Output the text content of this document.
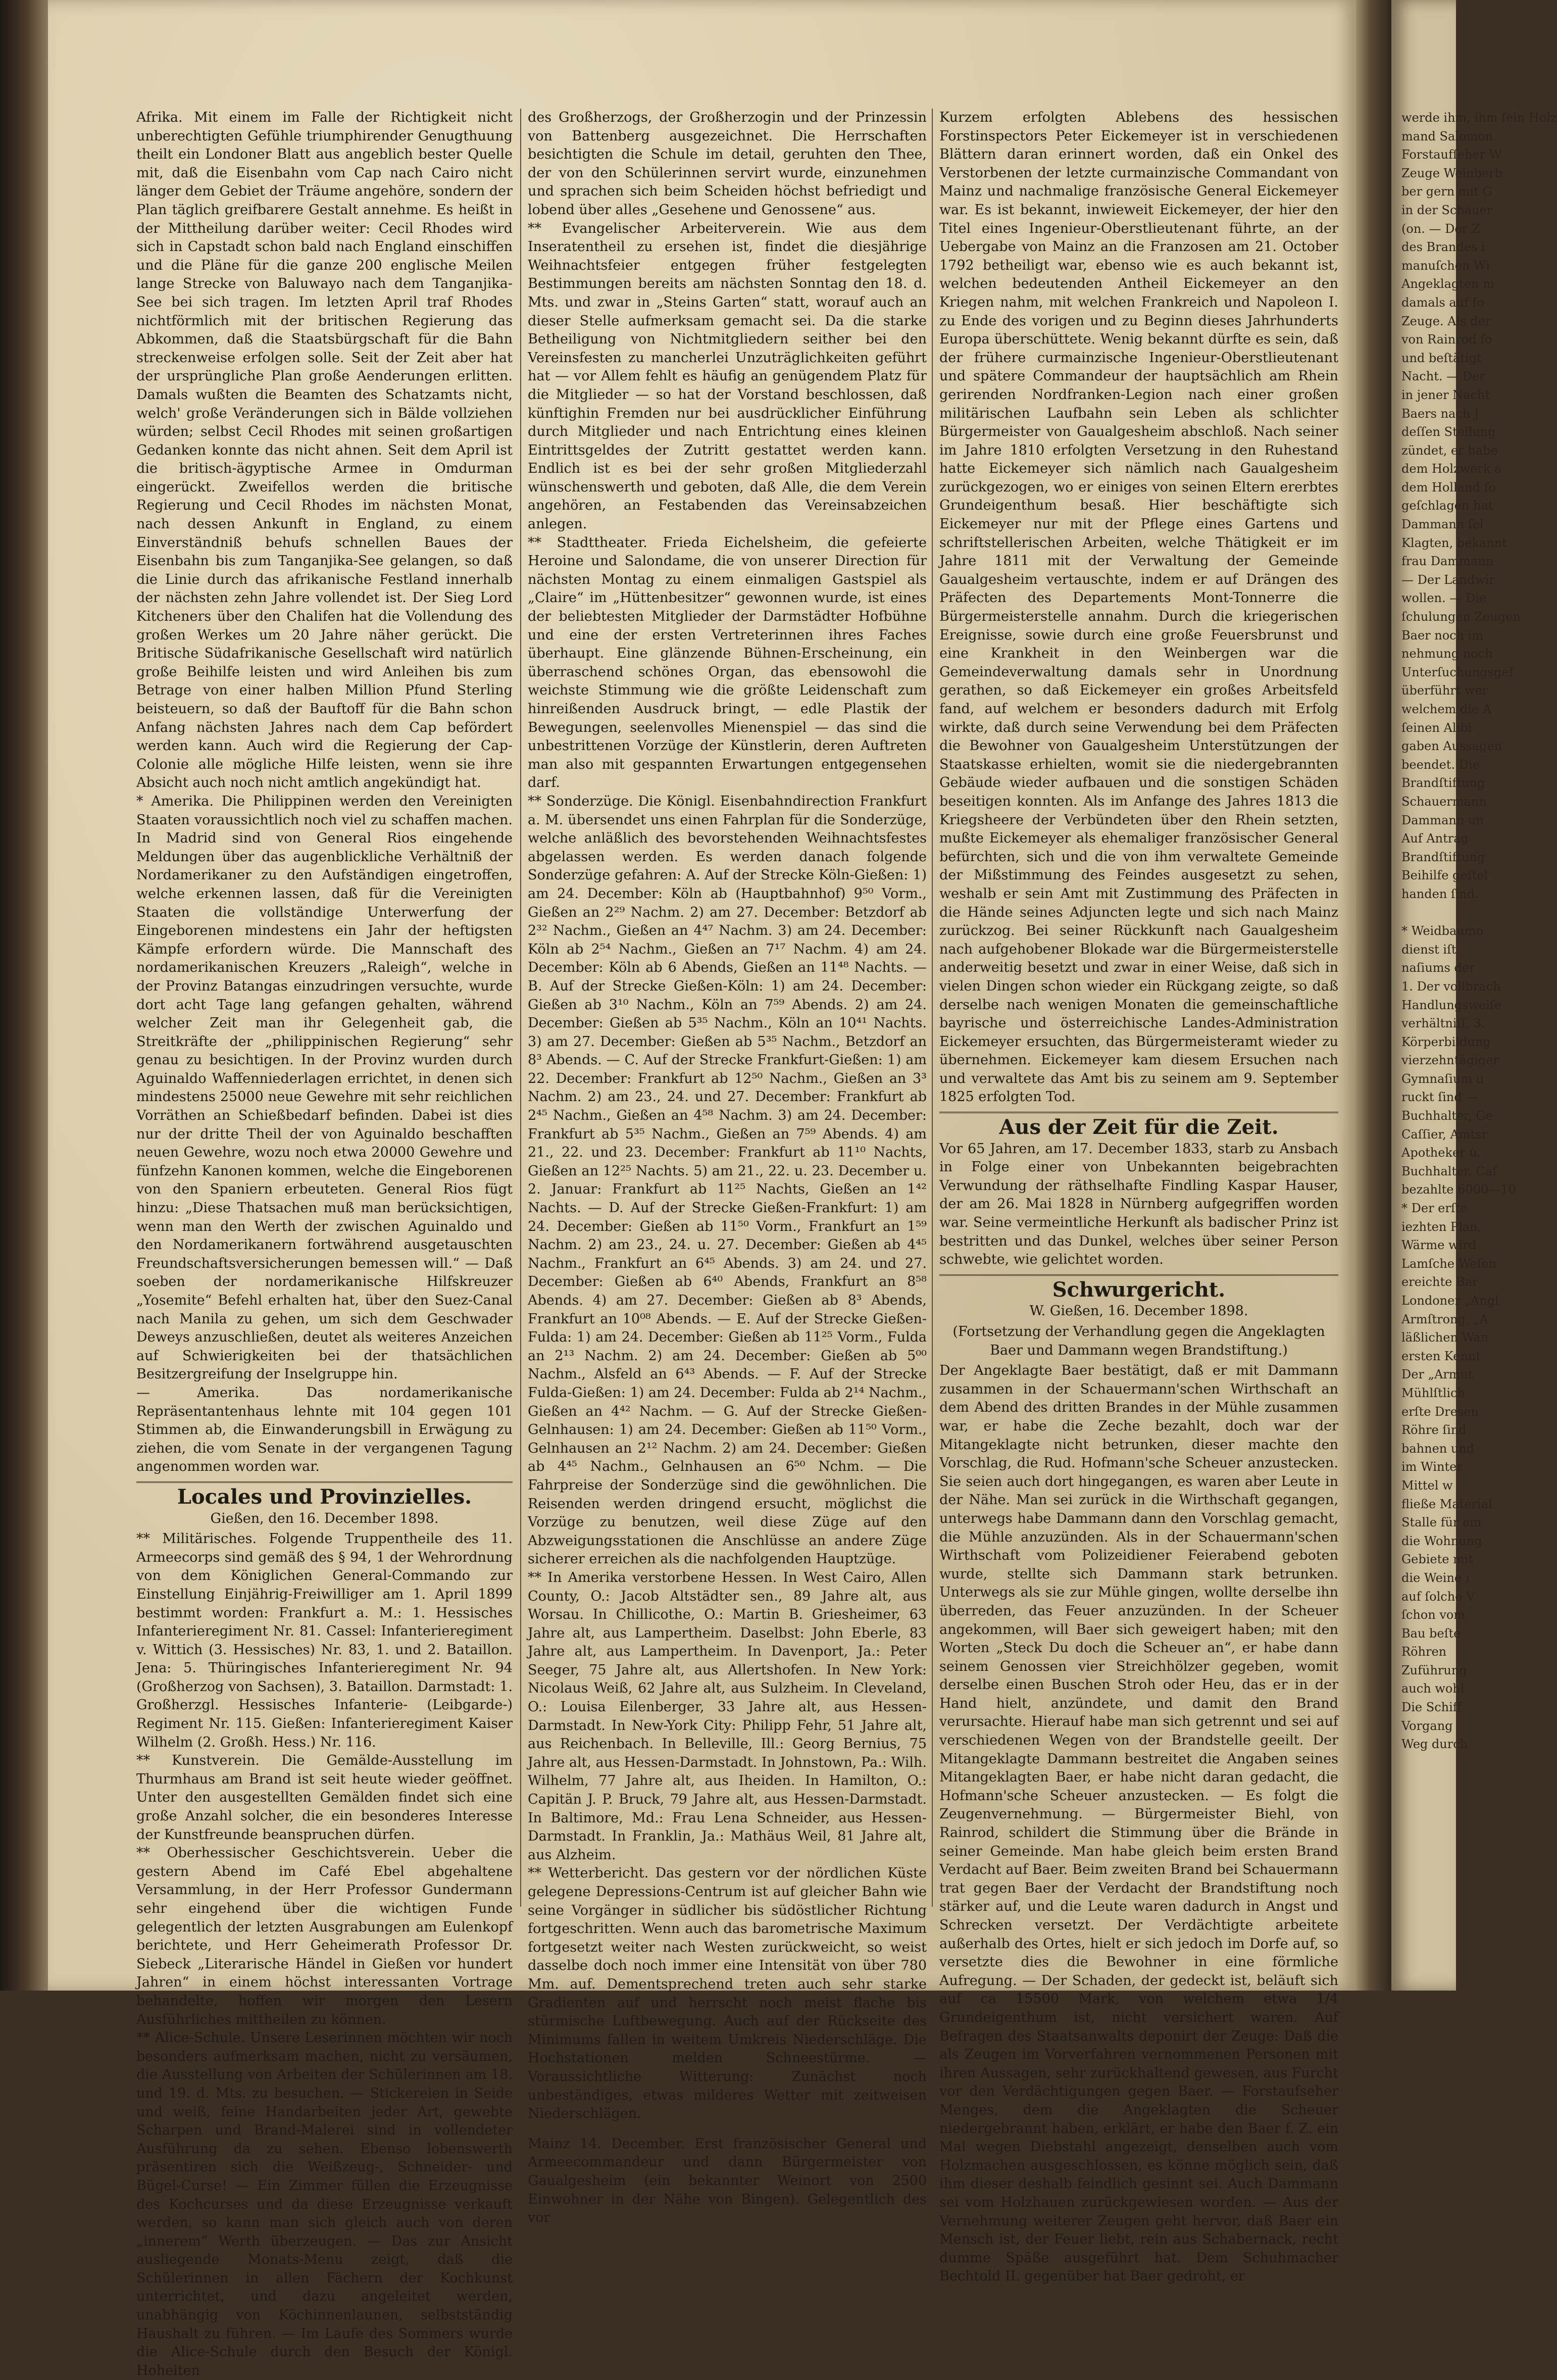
Afrika. Mit einem im Falle der Richtigkeit nicht unberechtigten Gefühle triumphirender Genugthuung theilt ein Londoner Blatt aus angeblich bester Quelle mit, daß die Eisenbahn vom Cap nach Cairo nicht länger dem Gebiet der Träume angehöre, sondern der Plan täglich greifbarere Gestalt annehme. Es heißt in der Mittheilung darüber weiter: Cecil Rhodes wird sich in Capstadt schon bald nach England einschiffen und die Pläne für die ganze 200 englische Meilen lange Strecke von Baluwayo nach dem Tanganjika-See bei sich tragen. Im letzten April traf Rhodes nichtförmlich mit der britischen Regierung das Abkommen, daß die Staatsbürgschaft für die Bahn streckenweise erfolgen solle. Seit der Zeit aber hat der ursprüngliche Plan große Aenderungen erlitten. Damals wußten die Beamten des Schatzamts nicht, welch' große Veränderungen sich in Bälde vollziehen würden; selbst Cecil Rhodes mit seinen großartigen Gedanken konnte das nicht ahnen. Seit dem April ist die britisch-ägyptische Armee in Omdurman eingerückt. Zweifellos werden die britische Regierung und Cecil Rhodes im nächsten Monat, nach dessen Ankunft in England, zu einem Einverständniß behufs schnellen Baues der Eisenbahn bis zum Tanganjika-See gelangen, so daß die Linie durch das afrikanische Festland innerhalb der nächsten zehn Jahre vollendet ist. Der Sieg Lord Kitcheners über den Chalifen hat die Vollendung des großen Werkes um 20 Jahre näher gerückt. Die Britische Südafrikanische Gesellschaft wird natürlich große Beihilfe leisten und wird Anleihen bis zum Betrage von einer halben Million Pfund Sterling beisteuern, so daß der Bauftoff für die Bahn schon Anfang nächsten Jahres nach dem Cap befördert werden kann. Auch wird die Regierung der Cap-Colonie alle mögliche Hilfe leisten, wenn sie ihre Absicht auch noch nicht amtlich angekündigt hat.

* Amerika. Die Philippinen werden den Vereinigten Staaten voraussichtlich noch viel zu schaffen machen. In Madrid sind von General Rios eingehende Meldungen über das augenblickliche Verhältniß der Nordamerikaner zu den Aufständigen eingetroffen, welche erkennen lassen, daß für die Vereinigten Staaten die vollständige Unterwerfung der Eingeborenen mindestens ein Jahr der heftigsten Kämpfe erfordern würde. Die Mannschaft des nordamerikanischen Kreuzers „Raleigh“, welche in der Provinz Batangas einzudringen versuchte, wurde dort acht Tage lang gefangen gehalten, während welcher Zeit man ihr Gelegenheit gab, die Streitkräfte der „philippinischen Regierung“ sehr genau zu besichtigen. In der Provinz wurden durch Aguinaldo Waffenniederlagen errichtet, in denen sich mindestens 25000 neue Gewehre mit sehr reichlichen Vorräthen an Schießbedarf befinden. Dabei ist dies nur der dritte Theil der von Aguinaldo beschafften neuen Gewehre, wozu noch etwa 20000 Gewehre und fünfzehn Kanonen kommen, welche die Eingeborenen von den Spaniern erbeuteten. General Rios fügt hinzu: „Diese Thatsachen muß man berücksichtigen, wenn man den Werth der zwischen Aguinaldo und den Nordamerikanern fortwährend ausgetauschten Freundschaftsversicherungen bemessen will.“ — Daß soeben der nordamerikanische Hilfskreuzer „Yosemite“ Befehl erhalten hat, über den Suez-Canal nach Manila zu gehen, um sich dem Geschwader Deweys anzuschließen, deutet als weiteres Anzeichen auf Schwierigkeiten bei der thatsächlichen Besitzergreifung der Inselgruppe hin.

— Amerika. Das nordamerikanische Repräsentantenhaus lehnte mit 104 gegen 101 Stimmen ab, die Einwanderungsbill in Erwägung zu ziehen, die vom Senate in der vergangenen Tagung angenommen worden war.

Locales und Provinzielles.
Gießen, den 16. December 1898.

** Militärisches. Folgende Truppentheile des 11. Armeecorps sind gemäß des § 94, 1 der Wehrordnung von dem Königlichen General-Commando zur Einstellung Einjährig-Freiwilliger am 1. April 1899 bestimmt worden: Frankfurt a. M.: 1. Hessisches Infanterieregiment Nr. 81. Cassel: Infanterieregiment v. Wittich (3. Hessisches) Nr. 83, 1. und 2. Bataillon. Jena: 5. Thüringisches Infanterieregiment Nr. 94 (Großherzog von Sachsen), 3. Bataillon. Darmstadt: 1. Großherzgl. Hessisches Infanterie- (Leibgarde-) Regiment Nr. 115. Gießen: Infanterieregiment Kaiser Wilhelm (2. Großh. Hess.) Nr. 116.

** Kunstverein. Die Gemälde-Ausstellung im Thurmhaus am Brand ist seit heute wieder geöffnet. Unter den ausgestellten Gemälden findet sich eine große Anzahl solcher, die ein besonderes Interesse der Kunstfreunde beanspruchen dürfen.

** Oberhessischer Geschichtsverein. Ueber die gestern Abend im Café Ebel abgehaltene Versammlung, in der Herr Professor Gundermann sehr eingehend über die wichtigen Funde gelegentlich der letzten Ausgrabungen am Eulenkopf berichtete, und Herr Geheimerath Professor Dr. Siebeck „Literarische Händel in Gießen vor hundert Jahren“ in einem höchst interessanten Vortrage behandelte, hoffen wir morgen den Lesern Ausführliches mittheilen zu können.

** Alice-Schule. Unsere Leserinnen möchten wir noch besonders aufmerksam machen, nicht zu versäumen, die Ausstellung von Arbeiten der Schülerinnen am 18. und 19. d. Mts. zu besuchen. — Stickereien in Seide und weiß, feine Handarbeiten jeder Art, gewebte Scharpen und Brand-Malerei sind in vollendeter Ausführung da zu sehen. Ebenso lobenswerth präsentiren sich die Weißzeug-, Schneider- und Bügel-Curse! — Ein Zimmer füllen die Erzeugnisse des Kochcurses und da diese Erzeugnisse verkauft werden, so kann man sich gleich auch von deren „innerem“ Werth überzeugen. — Das zur Ansicht ausliegende Monats-Menu zeigt, daß die Schülerinnen in allen Fächern der Kochkunst unterrichtet, und dazu angeleitet werden, unabhängig von Köchinnenlaunen, selbstständig Haushalt zu führen. — Im Laufe des Sommers wurde die Alice-Schule durch den Besuch der Königl. Hoheiten

des Großherzogs, der Großherzogin und der Prinzessin von Battenberg ausgezeichnet. Die Herrschaften besichtigten die Schule im detail, geruhten den Thee, der von den Schülerinnen servirt wurde, einzunehmen und sprachen sich beim Scheiden höchst befriedigt und lobend über alles „Gesehene und Genossene“ aus.

** Evangelischer Arbeiterverein. Wie aus dem Inseratentheil zu ersehen ist, findet die diesjährige Weihnachtsfeier entgegen früher festgelegten Bestimmungen bereits am nächsten Sonntag den 18. d. Mts. und zwar in „Steins Garten“ statt, worauf auch an dieser Stelle aufmerksam gemacht sei. Da die starke Betheiligung von Nichtmitgliedern seither bei den Vereinsfesten zu mancherlei Unzuträglichkeiten geführt hat — vor Allem fehlt es häufig an genügendem Platz für die Mitglieder — so hat der Vorstand beschlossen, daß künftighin Fremden nur bei ausdrücklicher Einführung durch Mitglieder und nach Entrichtung eines kleinen Eintrittsgeldes der Zutritt gestattet werden kann. Endlich ist es bei der sehr großen Mitgliederzahl wünschenswerth und geboten, daß Alle, die dem Verein angehören, an Festabenden das Vereinsabzeichen anlegen.

** Stadttheater. Frieda Eichelsheim, die gefeierte Heroine und Salondame, die von unserer Direction für nächsten Montag zu einem einmaligen Gastspiel als „Claire“ im „Hüttenbesitzer“ gewonnen wurde, ist eines der beliebtesten Mitglieder der Darmstädter Hofbühne und eine der ersten Vertreterinnen ihres Faches überhaupt. Eine glänzende Bühnen-Erscheinung, ein überraschend schönes Organ, das ebensowohl die weichste Stimmung wie die größte Leidenschaft zum hinreißenden Ausdruck bringt, — edle Plastik der Bewegungen, seelenvolles Mienenspiel — das sind die unbestrittenen Vorzüge der Künstlerin, deren Auftreten man also mit gespannten Erwartungen entgegensehen darf.

** Sonderzüge. Die Königl. Eisenbahndirection Frankfurt a. M. übersendet uns einen Fahrplan für die Sonderzüge, welche anläßlich des bevorstehenden Weihnachtsfestes abgelassen werden. Es werden danach folgende Sonderzüge gefahren: A. Auf der Strecke Köln-Gießen: 1) am 24. December: Köln ab (Hauptbahnhof) 9⁵⁰ Vorm., Gießen an 2²⁹ Nachm. 2) am 27. December: Betzdorf ab 2³² Nachm., Gießen an 4⁴⁷ Nachm. 3) am 24. December: Köln ab 2⁵⁴ Nachm., Gießen an 7¹⁷ Nachm. 4) am 24. December: Köln ab 6 Abends, Gießen an 11⁴⁸ Nachts. — B. Auf der Strecke Gießen-Köln: 1) am 24. December: Gießen ab 3¹⁰ Nachm., Köln an 7⁵⁹ Abends. 2) am 24. December: Gießen ab 5³⁵ Nachm., Köln an 10⁴¹ Nachts. 3) am 27. December: Gießen ab 5³⁵ Nachm., Betzdorf an 8³ Abends. — C. Auf der Strecke Frankfurt-Gießen: 1) am 22. December: Frankfurt ab 12⁵⁰ Nachm., Gießen an 3³ Nachm. 2) am 23., 24. und 27. December: Frankfurt ab 2⁴⁵ Nachm., Gießen an 4⁵⁸ Nachm. 3) am 24. December: Frankfurt ab 5³⁵ Nachm., Gießen an 7⁵⁹ Abends. 4) am 21., 22. und 23. December: Frankfurt ab 11¹⁰ Nachts, Gießen an 12²⁵ Nachts. 5) am 21., 22. u. 23. December u. 2. Januar: Frankfurt ab 11²⁵ Nachts, Gießen an 1⁴² Nachts. — D. Auf der Strecke Gießen-Frankfurt: 1) am 24. December: Gießen ab 11⁵⁰ Vorm., Frankfurt an 1⁵⁹ Nachm. 2) am 23., 24. u. 27. December: Gießen ab 4⁴⁵ Nachm., Frankfurt an 6⁴⁵ Abends. 3) am 24. und 27. December: Gießen ab 6⁴⁰ Abends, Frankfurt an 8⁵⁸ Abends. 4) am 27. December: Gießen ab 8³ Abends, Frankfurt an 10⁰⁸ Abends. — E. Auf der Strecke Gießen-Fulda: 1) am 24. December: Gießen ab 11²⁵ Vorm., Fulda an 2¹³ Nachm. 2) am 24. December: Gießen ab 5⁰⁰ Nachm., Alsfeld an 6⁴³ Abends. — F. Auf der Strecke Fulda-Gießen: 1) am 24. December: Fulda ab 2¹⁴ Nachm., Gießen an 4⁴² Nachm. — G. Auf der Strecke Gießen-Gelnhausen: 1) am 24. December: Gießen ab 11⁵⁰ Vorm., Gelnhausen an 2¹² Nachm. 2) am 24. December: Gießen ab 4⁴⁵ Nachm., Gelnhausen an 6⁵⁰ Nchm. — Die Fahrpreise der Sonderzüge sind die gewöhnlichen. Die Reisenden werden dringend ersucht, möglichst die Vorzüge zu benutzen, weil diese Züge auf den Abzweigungsstationen die Anschlüsse an andere Züge sicherer erreichen als die nachfolgenden Hauptzüge.

** In Amerika verstorbene Hessen. In West Cairo, Allen County, O.: Jacob Altstädter sen., 89 Jahre alt, aus Worsau. In Chillicothe, O.: Martin B. Griesheimer, 63 Jahre alt, aus Lampertheim. Daselbst: John Eberle, 83 Jahre alt, aus Lampertheim. In Davenport, Ja.: Peter Seeger, 75 Jahre alt, aus Allertshofen. In New York: Nicolaus Weiß, 62 Jahre alt, aus Sulzheim. In Cleveland, O.: Louisa Eilenberger, 33 Jahre alt, aus Hessen-Darmstadt. In New-York City: Philipp Fehr, 51 Jahre alt, aus Reichenbach. In Belleville, Ill.: Georg Bernius, 75 Jahre alt, aus Hessen-Darmstadt. In Johnstown, Pa.: Wilh. Wilhelm, 77 Jahre alt, aus Iheiden. In Hamilton, O.: Capitän J. P. Bruck, 79 Jahre alt, aus Hessen-Darmstadt. In Baltimore, Md.: Frau Lena Schneider, aus Hessen-Darmstadt. In Franklin, Ja.: Mathäus Weil, 81 Jahre alt, aus Alzheim.

** Wetterbericht. Das gestern vor der nördlichen Küste gelegene Depressions-Centrum ist auf gleicher Bahn wie seine Vorgänger in südlicher bis südöstlicher Richtung fortgeschritten. Wenn auch das barometrische Maximum fortgesetzt weiter nach Westen zurückweicht, so weist dasselbe doch noch immer eine Intensität von über 780 Mm. auf. Dementsprechend treten auch sehr starke Gradienten auf und herrscht noch meist flache bis stürmische Luftbewegung. Auch auf der Rückseite des Minimums fallen in weitem Umkreis Niederschläge. Die Hochstationen melden Schneestürme. — Voraussichtliche Witterung: Zunächst noch unbeständiges, etwas milderes Wetter mit zeitweisen Niederschlägen.

Mainz 14. December. Erst französischer General und Armeecommandeur und dann Bürgermeister von Gaualgesheim (ein bekannter Weinort von 2500 Einwohner in der Nähe von Bingen). Gelegentlich des vor

Kurzem erfolgten Ablebens des hessischen Forstinspectors Peter Eickemeyer ist in verschiedenen Blättern daran erinnert worden, daß ein Onkel des Verstorbenen der letzte curmainzische Commandant von Mainz und nachmalige französische General Eickemeyer war. Es ist bekannt, inwieweit Eickemeyer, der hier den Titel eines Ingenieur-Oberstlieutenant führte, an der Uebergabe von Mainz an die Franzosen am 21. October 1792 betheiligt war, ebenso wie es auch bekannt ist, welchen bedeutenden Antheil Eickemeyer an den Kriegen nahm, mit welchen Frankreich und Napoleon I. zu Ende des vorigen und zu Beginn dieses Jahrhunderts Europa überschüttete. Wenig bekannt dürfte es sein, daß der frühere curmainzische Ingenieur-Oberstlieutenant und spätere Commandeur der hauptsächlich am Rhein gerirenden Nordfranken-Legion nach einer großen militärischen Laufbahn sein Leben als schlichter Bürgermeister von Gaualgesheim abschloß. Nach seiner im Jahre 1810 erfolgten Versetzung in den Ruhestand hatte Eickemeyer sich nämlich nach Gaualgesheim zurückgezogen, wo er einiges von seinen Eltern ererbtes Grundeigenthum besaß. Hier beschäftigte sich Eickemeyer nur mit der Pflege eines Gartens und schriftstellerischen Arbeiten, welche Thätigkeit er im Jahre 1811 mit der Verwaltung der Gemeinde Gaualgesheim vertauschte, indem er auf Drängen des Präfecten des Departements Mont-Tonnerre die Bürgermeisterstelle annahm. Durch die kriegerischen Ereignisse, sowie durch eine große Feuersbrunst und eine Krankheit in den Weinbergen war die Gemeindeverwaltung damals sehr in Unordnung gerathen, so daß Eickemeyer ein großes Arbeitsfeld fand, auf welchem er besonders dadurch mit Erfolg wirkte, daß durch seine Verwendung bei dem Präfecten die Bewohner von Gaualgesheim Unterstützungen der Staatskasse erhielten, womit sie die niedergebrannten Gebäude wieder aufbauen und die sonstigen Schäden beseitigen konnten. Als im Anfange des Jahres 1813 die Kriegsheere der Verbündeten über den Rhein setzten, mußte Eickemeyer als ehemaliger französischer General befürchten, sich und die von ihm verwaltete Gemeinde der Mißstimmung des Feindes ausgesetzt zu sehen, weshalb er sein Amt mit Zustimmung des Präfecten in die Hände seines Adjuncten legte und sich nach Mainz zurückzog. Bei seiner Rückkunft nach Gaualgesheim nach aufgehobener Blokade war die Bürgermeisterstelle anderweitig besetzt und zwar in einer Weise, daß sich in vielen Dingen schon wieder ein Rückgang zeigte, so daß derselbe nach wenigen Monaten die gemeinschaftliche bayrische und österreichische Landes-Administration Eickemeyer ersuchten, das Bürgermeisteramt wieder zu übernehmen. Eickemeyer kam diesem Ersuchen nach und verwaltete das Amt bis zu seinem am 9. September 1825 erfolgten Tod.

Aus der Zeit für die Zeit.

Vor 65 Jahren, am 17. December 1833, starb zu Ansbach in Folge einer von Unbekannten beigebrachten Verwundung der räthselhafte Findling Kaspar Hauser, der am 26. Mai 1828 in Nürnberg aufgegriffen worden war. Seine vermeintliche Herkunft als badischer Prinz ist bestritten und das Dunkel, welches über seiner Person schwebte, wie gelichtet worden.

Schwurgericht.
W. Gießen, 16. December 1898.
(Fortsetzung der Verhandlung gegen die Angeklagten Baer und Dammann wegen Brandstiftung.)

Der Angeklagte Baer bestätigt, daß er mit Dammann zusammen in der Schauermann'schen Wirthschaft an dem Abend des dritten Brandes in der Mühle zusammen war, er habe die Zeche bezahlt, doch war der Mitangeklagte nicht betrunken, dieser machte den Vorschlag, die Rud. Hofmann'sche Scheuer anzustecken. Sie seien auch dort hingegangen, es waren aber Leute in der Nähe. Man sei zurück in die Wirthschaft gegangen, unterwegs habe Dammann dann den Vorschlag gemacht, die Mühle anzuzünden. Als in der Schauermann'schen Wirthschaft vom Polizeidiener Feierabend geboten wurde, stellte sich Dammann stark betrunken. Unterwegs als sie zur Mühle gingen, wollte derselbe ihn überreden, das Feuer anzuzünden. In der Scheuer angekommen, will Baer sich geweigert haben; mit den Worten „Steck Du doch die Scheuer an“, er habe dann seinem Genossen vier Streichhölzer gegeben, womit derselbe einen Buschen Stroh oder Heu, das er in der Hand hielt, anzündete, und damit den Brand verursachte. Hierauf habe man sich getrennt und sei auf verschiedenen Wegen von der Brandstelle geeilt. Der Mitangeklagte Dammann bestreitet die Angaben seines Mitangeklagten Baer, er habe nicht daran gedacht, die Hofmann'sche Scheuer anzustecken. — Es folgt die Zeugenvernehmung. — Bürgermeister Biehl, von Rainrod, schildert die Stimmung über die Brände in seiner Gemeinde. Man habe gleich beim ersten Brand Verdacht auf Baer. Beim zweiten Brand bei Schauermann trat gegen Baer der Verdacht der Brandstiftung noch stärker auf, und die Leute waren dadurch in Angst und Schrecken versetzt. Der Verdächtigte arbeitete außerhalb des Ortes, hielt er sich jedoch im Dorfe auf, so versetzte dies die Bewohner in eine förmliche Aufregung. — Der Schaden, der gedeckt ist, beläuft sich auf ca 15500 Mark, von welchem etwa 1/4 Grundeigenthum ist, nicht versichert waren. Auf Befragen des Staatsanwalts deponirt der Zeuge: Daß die als Zeugen im Vorverfahren vernommenen Personen mit ihren Aussagen, sehr zurückhaltend gewesen, aus Furcht vor den Verdächtigungen gegen Baer. — Forstaufseher Menges, dem die Angeklagten die Scheuer niedergebrannt haben, erklärt, er habe den Baer f. Z. ein Mal wegen Diebstahl angezeigt, denselben auch vom Holzmachen ausgeschlossen, es könne möglich sein, daß ihm dieser deshalb feindlich gesinnt sei. Auch Dammann sei vom Holzhauen zurückgewiesen worden. — Aus der Vernehmung weiterer Zeugen geht hervor, daß Baer ein Mensch ist, der Feuer liebt, rein aus Schabernack, recht dumme Späße ausgeführt hat. Dem Schuhmacher Bechtold II. gegenüber hat Baer gedroht, er

werde ihm, ihm ſein Holz
mand Salomon
Forstaufſeher W
Zeuge Weinberb
ber gern mit G
in der Schauer
(on. — Der Z
des Brandes i
manuſchen Wi
Angeklagten m
damals auf ſo
Zeuge. Als der
von Rainrod ſo
und beſtätigt
Nacht. — Der
in jener Nacht
Baers nach J
deſſen Stellung
zündet, er habe
dem Holzwerk a
dem Holland ſo
geſchlagen hat
Dammann ſel
Klagten, bekannt
frau Dammann
— Der Landwir
wollen. — Die
ſchulungen Zeugen
Baer noch im
nehmung noch
Unterſuchungsgef
überführt wer
welchem die A
ſeinen Alibi
gaben Aussagen
beendet. Die
Brandſtiftung
Schauermann
Dammann un
Auf Antrag
Brandſtiftung
Beihilfe geſtel
handen ſind.

* Weidbaumo
dienst iſt
naſiums der
1. Der vollbrach
Handlungsweiſe
verhältniſſ, 3.
Körperbildung
vierzehntägiger
Gymnaſium u
ruckt ſind —
Buchhalter, Ge
Caſſier, Amtsr
Apotheker u.
Buchhalter, Caſ
bezahlte 6000—10
* Der erſte
iezhten Plan,
Wärme wird
Lamſche Weſen
ereichte Bar
Londoner „Angl
Armſtrong, „A
läßlichen Wan
ersten Kennt
Der „Armut
Mühlſtlich
erſte Dresen
Röhre ſind
bahnen und
im Winter
Mittel w
fließe Material
Stalle für ein
die Wohnung
Gebiete mit
die Weine i
auf ſolche V
ſchon vom
Bau beſte
Röhren
Zuführung
auch wohl
Die Schiff
Vorgang
Weg durch
